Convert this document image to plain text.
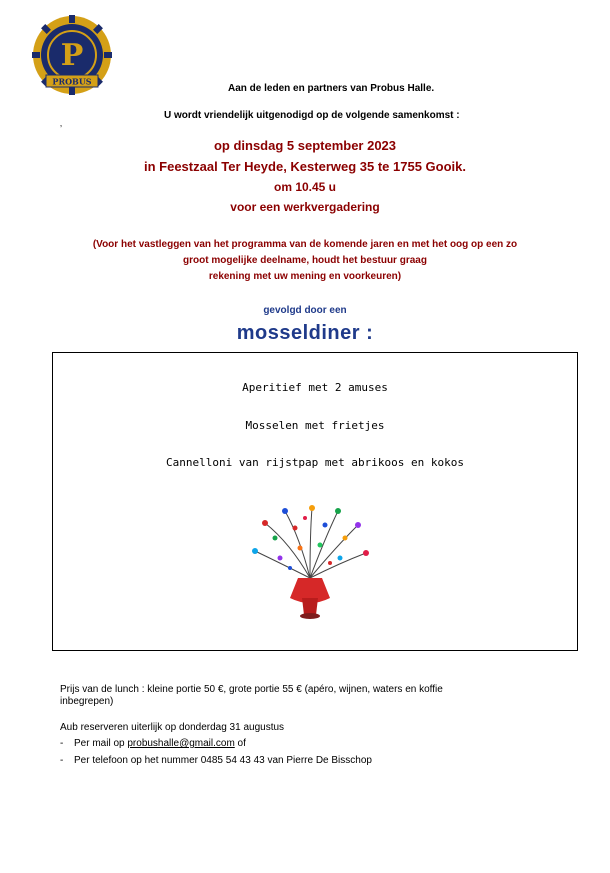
P
PROBUS
Aan de leden en partners van Probus Halle.
U wordt vriendelijk uitgenodigd op de volgende samenkomst :
‚
op dinsdag 5 september 2023
in Feestzaal Ter Heyde, Kesterweg 35 te 1755 Gooik.
om 10.45 u
voor een werkvergadering
(Voor het vastleggen van het programma van de komende jaren en met het oog op een zo
groot mogelijke deelname, houdt het bestuur graag
rekening met uw mening en voorkeuren)
gevolgd door een
mosseldiner :
Aperitief met 2 amuses
Mosselen met frietjes
Cannelloni van rijstpap met abrikoos en kokos
Prijs van de lunch : kleine portie 50 €, grote portie 55 € (apéro, wijnen, waters en koffie
inbegrepen)
Aub reserveren uiterlijk op donderdag 31 augustus
- Per mail op probushalle@gmail.com of
- Per telefoon op het nummer 0485 54 43 43 van Pierre De Bisschop
